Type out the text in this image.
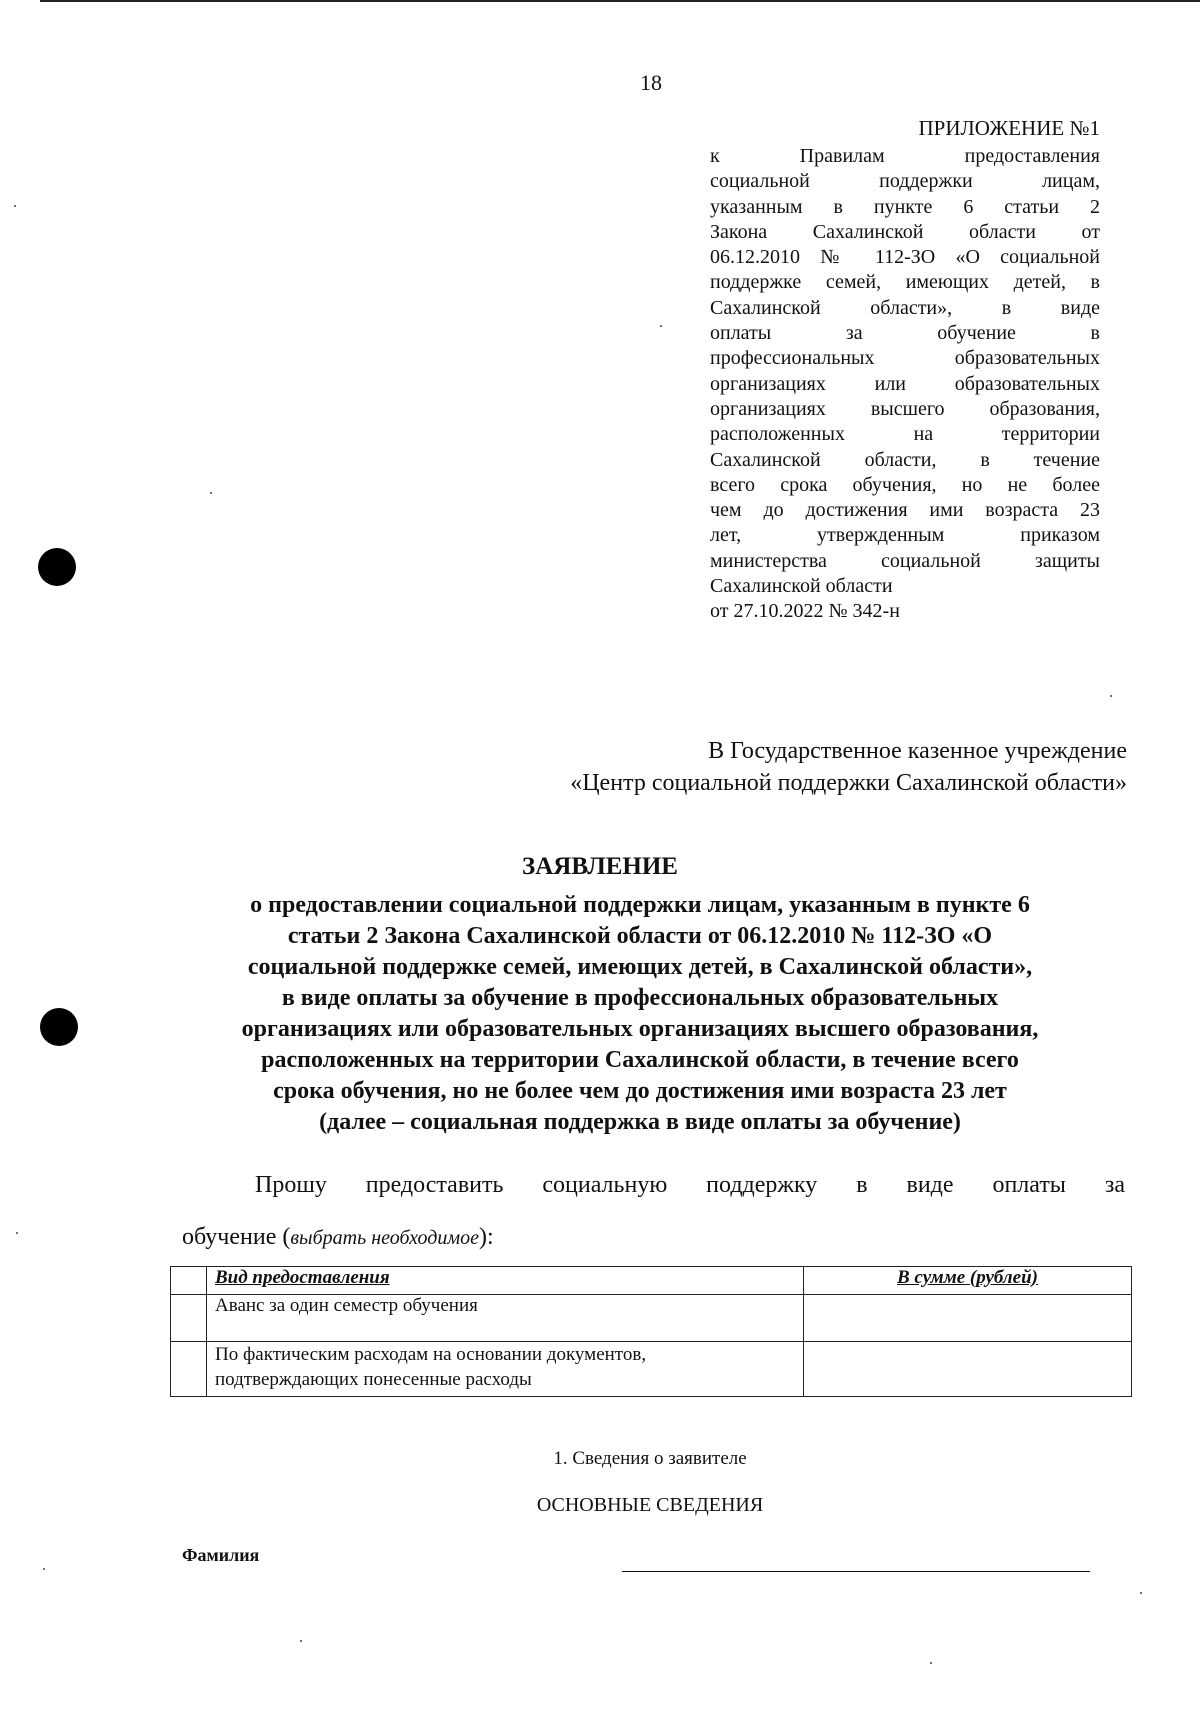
18
ПРИЛОЖЕНИЕ №1
к Правилам предоставления
социальной поддержки лицам,
указанным в пункте 6 статьи 2
Закона Сахалинской области от
06.12.2010 № 112-ЗО «О социальной
поддержке семей, имеющих детей, в
Сахалинской области», в виде
оплаты за обучение в
профессиональных образовательных
организациях или образовательных
организациях высшего образования,
расположенных на территории
Сахалинской области, в течение
всего срока обучения, но не более
чем до достижения ими возраста 23
лет, утвержденным приказом
министерства социальной защиты
Сахалинской области
от 27.10.2022 № 342-н
В Государственное казенное учреждение
«Центр социальной поддержки Сахалинской области»
ЗАЯВЛЕНИЕ
о предоставлении социальной поддержки лицам, указанным в пункте 6
статьи 2 Закона Сахалинской области от 06.12.2010 № 112-ЗО «О
социальной поддержке семей, имеющих детей, в Сахалинской области»,
в виде оплаты за обучение в профессиональных образовательных
организациях или образовательных организациях высшего образования,
расположенных на территории Сахалинской области, в течение всего
срока обучения, но не более чем до достижения ими возраста 23 лет
(далее – социальная поддержка в виде оплаты за обучение)
Прошу предоставить социальную поддержку в виде оплаты за
обучение (выбрать необходимое):
	Вид предоставления	В сумме (рублей)
	Аванс за один семестр обучения	

	По фактическим расходам на основании документов,
подтверждающих понесенные расходы	

1. Сведения о заявителе
ОСНОВНЫЕ СВЕДЕНИЯ
Фамилия
